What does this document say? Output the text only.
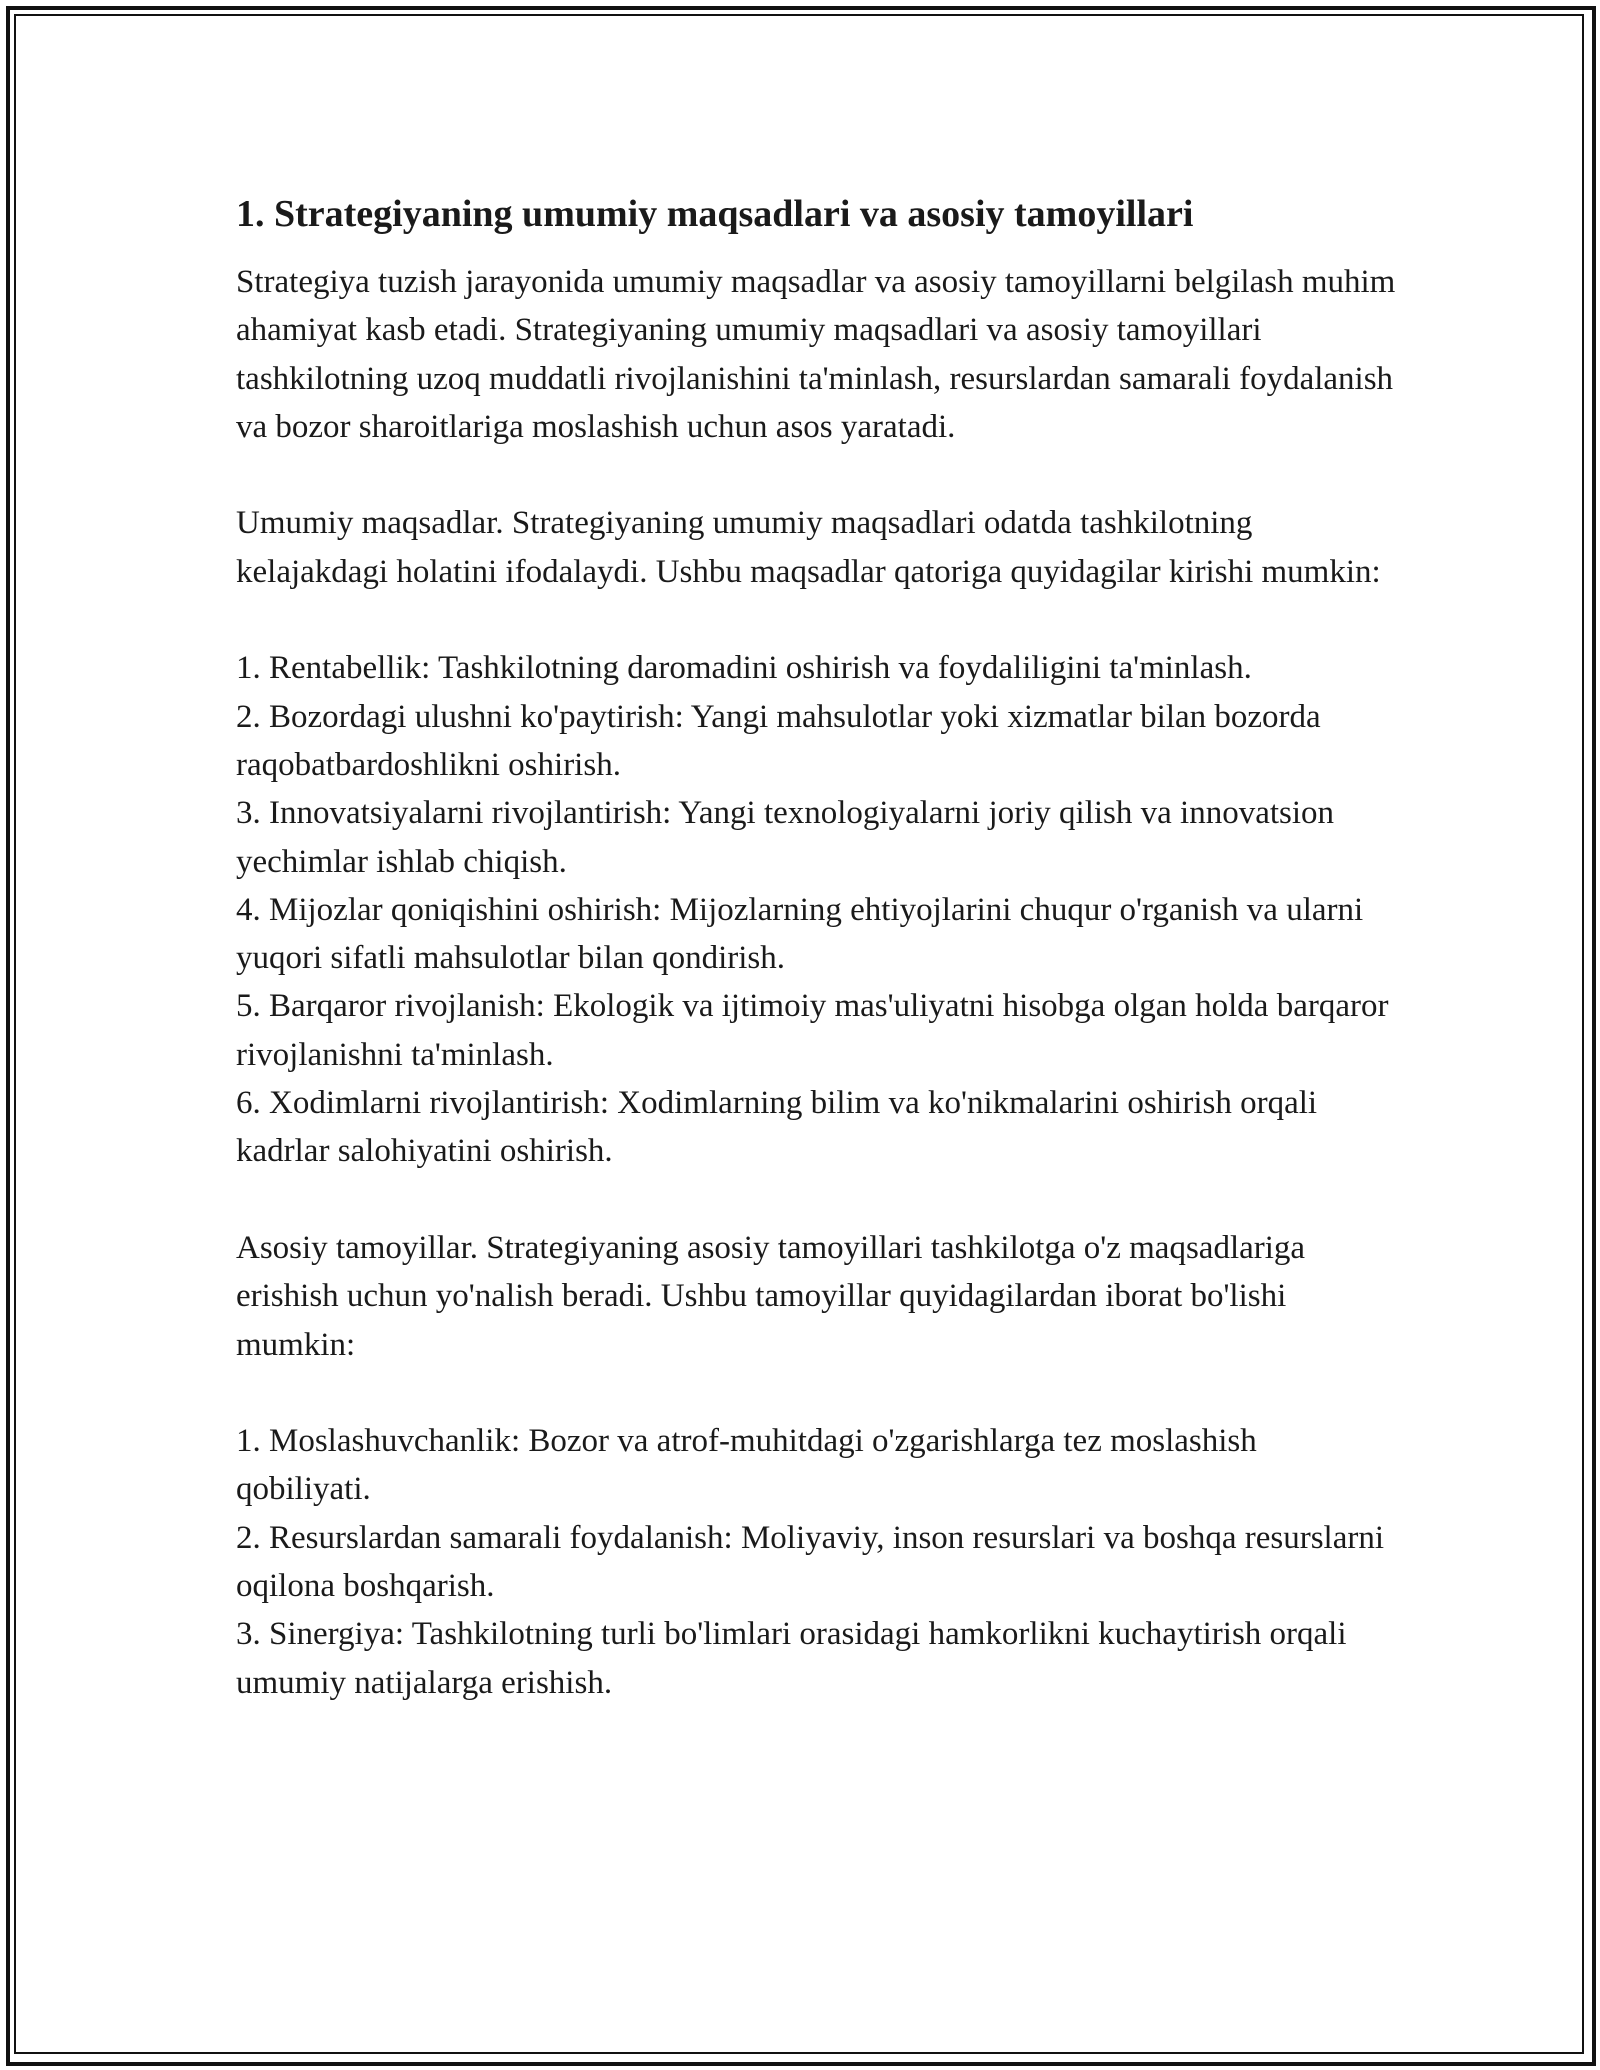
1. Strategiyaning umumiy maqsadlari va asosiy tamoyillari

Strategiya tuzish jarayonida umumiy maqsadlar va asosiy tamoyillarni belgilash muhim ahamiyat kasb etadi. Strategiyaning umumiy maqsadlari va asosiy tamoyillari tashkilotning uzoq muddatli rivojlanishini ta'minlash, resurslardan samarali foydalanish va bozor sharoitlariga moslashish uchun asos yaratadi.

Umumiy maqsadlar. Strategiyaning umumiy maqsadlari odatda tashkilotning kelajakdagi holatini ifodalaydi. Ushbu maqsadlar qatoriga quyidagilar kirishi mumkin:

1. Rentabellik: Tashkilotning daromadini oshirish va foydaliligini ta'minlash.
2. Bozordagi ulushni ko'paytirish: Yangi mahsulotlar yoki xizmatlar bilan bozorda raqobatbardoshlikni oshirish.
3. Innovatsiyalarni rivojlantirish: Yangi texnologiyalarni joriy qilish va innovatsion yechimlar ishlab chiqish.
4. Mijozlar qoniqishini oshirish: Mijozlarning ehtiyojlarini chuqur o'rganish va ularni yuqori sifatli mahsulotlar bilan qondirish.
5. Barqaror rivojlanish: Ekologik va ijtimoiy mas'uliyatni hisobga olgan holda barqaror rivojlanishni ta'minlash.
6. Xodimlarni rivojlantirish: Xodimlarning bilim va ko'nikmalarini oshirish orqali kadrlar salohiyatini oshirish.

Asosiy tamoyillar. Strategiyaning asosiy tamoyillari tashkilotga o'z maqsadlariga erishish uchun yo'nalish beradi. Ushbu tamoyillar quyidagilardan iborat bo'lishi mumkin:

1. Moslashuvchanlik: Bozor va atrof-muhitdagi o'zgarishlarga tez moslashish qobiliyati.
2. Resurslardan samarali foydalanish: Moliyaviy, inson resurslari va boshqa resurslarni oqilona boshqarish.
3. Sinergiya: Tashkilotning turli bo'limlari orasidagi hamkorlikni kuchaytirish orqali umumiy natijalarga erishish.
